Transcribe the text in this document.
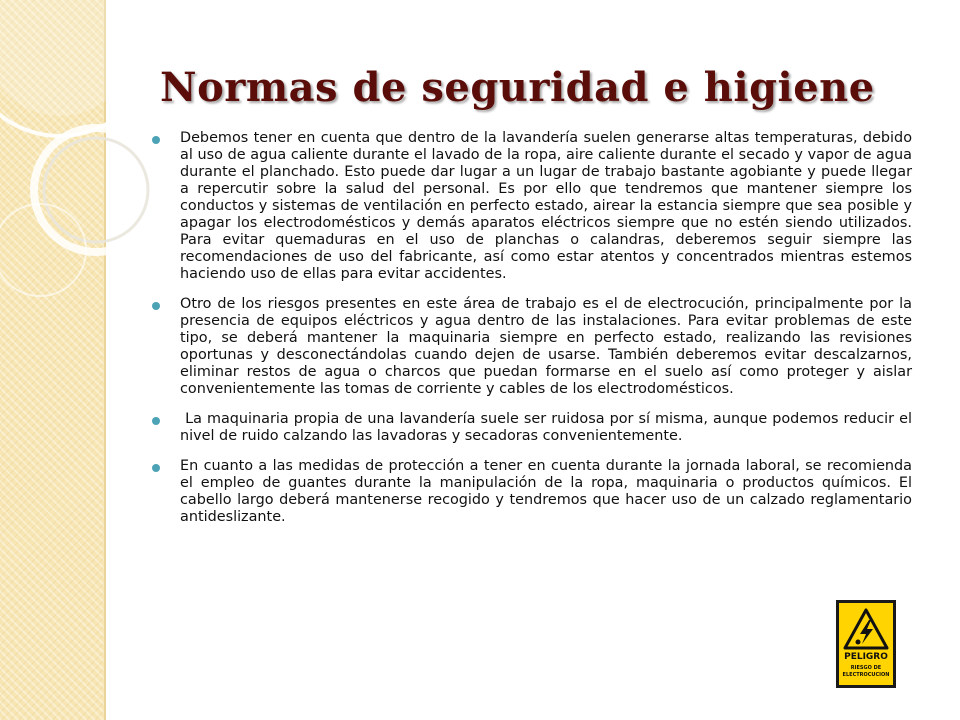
Normas de seguridad e higiene
Debemos tener en cuenta que dentro de la lavandería suelen generarse altas temperaturas, debido al uso de agua caliente durante el lavado de la ropa, aire caliente durante el secado y vapor de agua durante el planchado. Esto puede dar lugar a un lugar de trabajo bastante agobiante y puede llegar a repercutir sobre la salud del personal. Es por ello que tendremos que mantener siempre los conductos y sistemas de ventilación en perfecto estado, airear la estancia siempre que sea posible y apagar los electrodomésticos y demás aparatos eléctricos siempre que no estén siendo utilizados. Para evitar quemaduras en el uso de planchas o calandras, deberemos seguir siempre las recomendaciones de uso del fabricante, así como estar atentos y concentrados mientras estemos haciendo uso de ellas para evitar accidentes.
Otro de los riesgos presentes en este área de trabajo es el de electrocución, principalmente por la presencia de equipos eléctricos y agua dentro de las instalaciones. Para evitar problemas de este tipo, se deberá mantener la maquinaria siempre en perfecto estado, realizando las revisiones oportunas y desconectándolas cuando dejen de usarse. También deberemos evitar descalzarnos, eliminar restos de agua o charcos que puedan formarse en el suelo así como proteger y aislar convenientemente las tomas de corriente y cables de los electrodomésticos.
La maquinaria propia de una lavandería suele ser ruidosa por sí misma, aunque podemos reducir el nivel de ruido calzando las lavadoras y secadoras convenientemente.
En cuanto a las medidas de protección a tener en cuenta durante la jornada laboral, se recomienda el empleo de guantes durante la manipulación de la ropa, maquinaria o productos químicos. El cabello largo deberá mantenerse recogido y tendremos que hacer uso de un calzado reglamentario antideslizante.
PELIGRO
RIESGO DE
ELECTROCUCION
